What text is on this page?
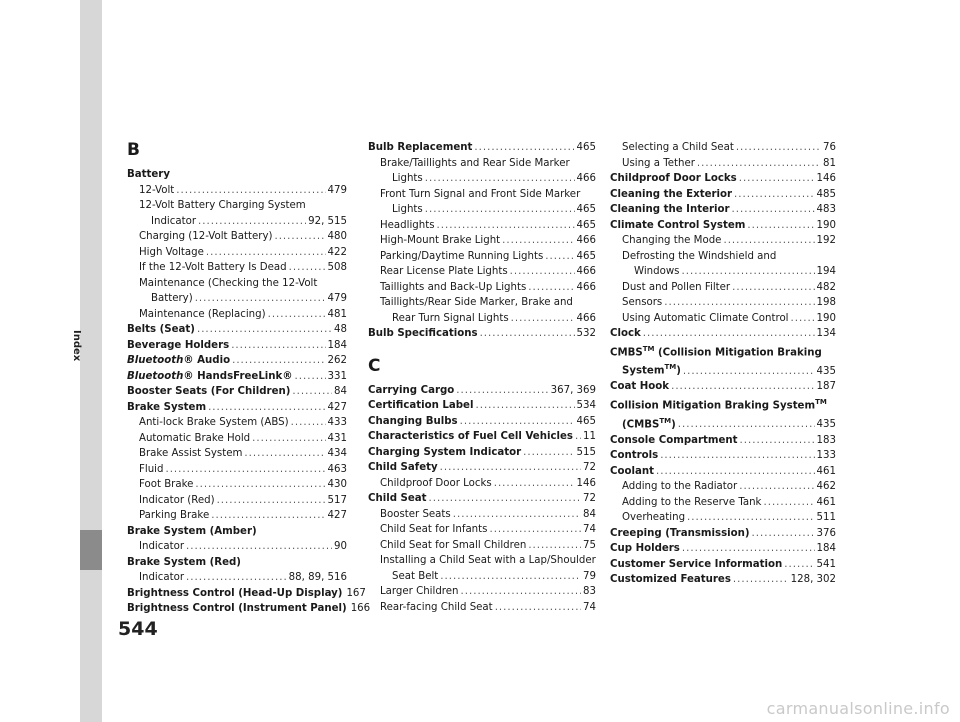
Index
544
B
Battery
12-Volt .....	479
12-Volt Battery Charging System
Indicator .....	92, 515
Charging (12-Volt Battery) .....	480
High Voltage .....	422
If the 12-Volt Battery Is Dead .....	508
Maintenance (Checking the 12-Volt
Battery) .....	479
Maintenance (Replacing) .....	481
Belts (Seat) .....	48
Beverage Holders .....	184
Bluetooth® Audio .....	262
Bluetooth® HandsFreeLink® .....	331
Booster Seats (For Children) .....	84
Brake System .....	427
Anti-lock Brake System (ABS) .....	433
Automatic Brake Hold .....	431
Brake Assist System .....	434
Fluid .....	463
Foot Brake .....	430
Indicator (Red) .....	517
Parking Brake .....	427
Brake System (Amber)
Indicator .....	90
Brake System (Red)
Indicator .....	88, 89, 516
Brightness Control (Head-Up Display) 167
Brightness Control (Instrument Panel) 166
Bulb Replacement .....	465
Brake/Taillights and Rear Side Marker
Lights .....	466
Front Turn Signal and Front Side Marker
Lights .....	465
Headlights .....	465
High-Mount Brake Light .....	466
Parking/Daytime Running Lights .....	465
Rear License Plate Lights .....	466
Taillights and Back-Up Lights .....	466
Taillights/Rear Side Marker, Brake and
Rear Turn Signal Lights .....	466
Bulb Specifications .....	532
C
Carrying Cargo .....	367, 369
Certification Label .....	534
Changing Bulbs .....	465
Characteristics of Fuel Cell Vehicles ..... 11
Charging System Indicator .....	515
Child Safety .....	72
Childproof Door Locks .....	146
Child Seat .....	72
Booster Seats .....	84
Child Seat for Infants .....	74
Child Seat for Small Children .....	75
Installing a Child Seat with a Lap/Shoulder
Seat Belt .....	79
Larger Children .....	83
Rear-facing Child Seat .....	74
Selecting a Child Seat .....	76
Using a Tether .....	81
Childproof Door Locks .....	146
Cleaning the Exterior .....	485
Cleaning the Interior .....	483
Climate Control System .....	190
Changing the Mode .....	192
Defrosting the Windshield and
Windows .....	194
Dust and Pollen Filter .....	482
Sensors .....	198
Using Automatic Climate Control .....	190
Clock .....	134
CMBS™ (Collision Mitigation Braking
System™) .....	435
Coat Hook .....	187
Collision Mitigation Braking System™
(CMBS™) .....	435
Console Compartment .....	183
Controls .....	133
Coolant .....	461
Adding to the Radiator .....	462
Adding to the Reserve Tank .....	461
Overheating .....	511
Creeping (Transmission) .....	376
Cup Holders .....	184
Customer Service Information .....	541
Customized Features .....	128, 302
carmanualsonline.info
